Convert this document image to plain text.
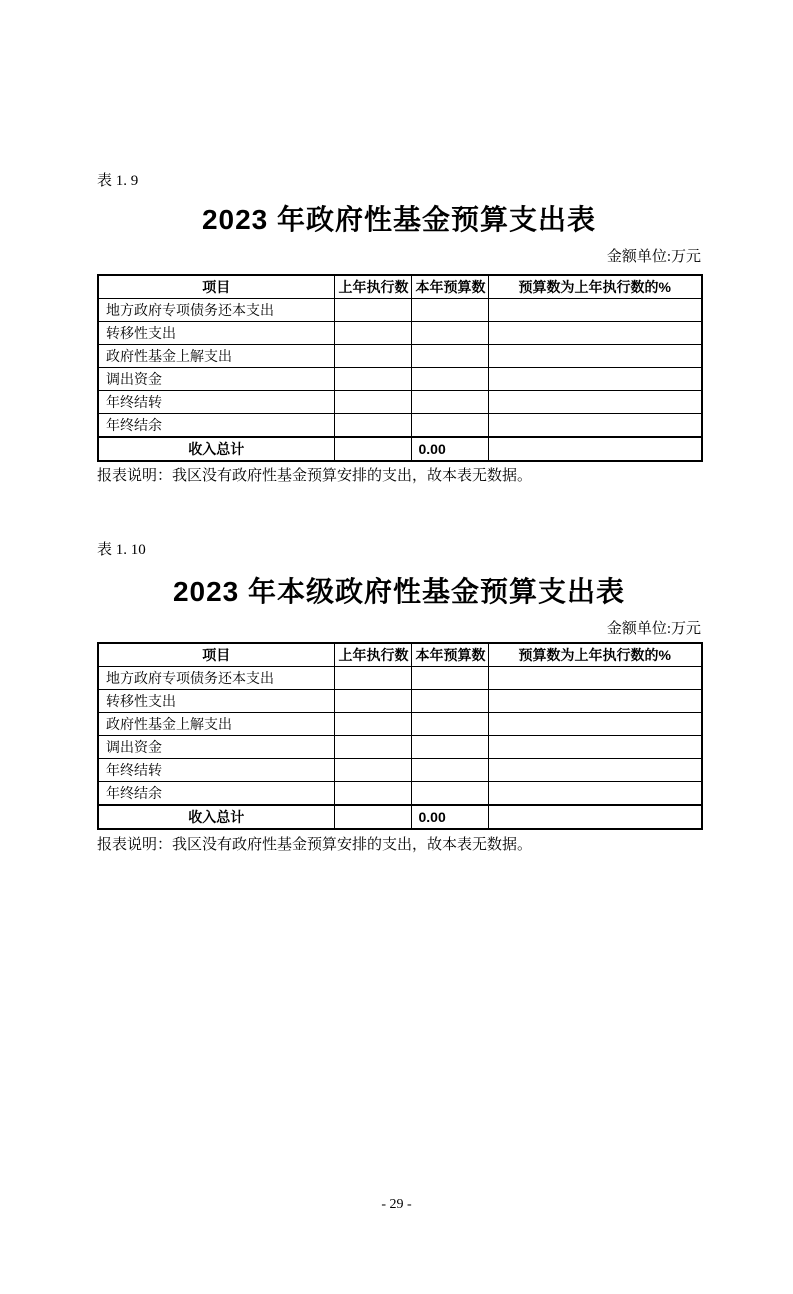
表 1. 9
2023 年政府性基金预算支出表
金额单位:万元
项目	上年执行数	本年预算数	预算数为上年执行数的%
地方政府专项债务还本支出			
转移性支出			
政府性基金上解支出			
调出资金			
年终结转			
年终结余			
收入总计		0.00	
报表说明：我区没有政府性基金预算安排的支出，故本表无数据。
表 1. 10
2023 年本级政府性基金预算支出表
金额单位:万元
项目	上年执行数	本年预算数	预算数为上年执行数的%
地方政府专项债务还本支出			
转移性支出			
政府性基金上解支出			
调出资金			
年终结转			
年终结余			
收入总计		0.00	
报表说明：我区没有政府性基金预算安排的支出，故本表无数据。
- 29 -
